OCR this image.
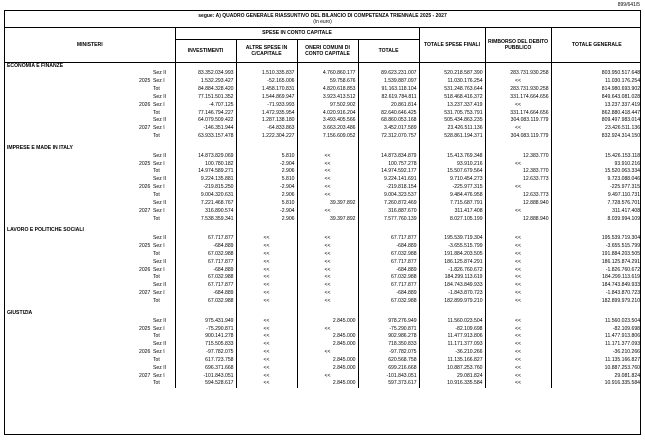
899/641/5
segue: A) QUADRO GENERALE RIASSUNTIVO DEL BILANCIO DI COMPETENZA TRIENNALE 2025 - 2027
(in euro)
MINISTERI			SPESE IN CONTO CAPITALE				TOTALE SPESE FINALI	RIMBORSO DEL DEBITO PUBBLICO	TOTALE GENERALE
			INVESTIMENTI	ALTRE SPESE IN C/CAPITALE	ONERI COMUNI DI CONTO CAPITALE	TOTALE			
ECONOMIA E FINANZE									
		Sez II	83.352.034.993	1.510.335.837	4.760.860.177	89.623.231.007	520.218.587.390	283.731.930.258	803.950.517.648
	2025	Sez I	1.532.293.427	-52.165.006	59.758.676	1.539.887.097	11.030.176.254	<<	11.030.176.254
		Tot	84.884.328.420	1.458.170.831	4.820.618.853	91.163.118.104	531.248.763.644	283.731.930.258	814.980.693.902
		Sez II	77.151.501.352	1.544.869.947	3.923.413.512	82.619.784.811	518.468.416.372	331.174.664.656	849.643.081.028
	2026	Sez I	-4.707.125	-71.933.993	97.502.902	20.861.814	13.237.337.419	<<	13.237.337.419
		Tot	77.146.794.227	1.472.935.954	4.020.916.204	82.640.646.425	531.705.753.791	331.174.664.656	862.880.418.447
		Sez II	64.079.509.422	1.287.138.180	3.493.405.566	68.860.053.168	505.434.863.235	304.083.119.779	809.497.983.014
	2027	Sez I	-146.351.944	-64.833.863	3.663.203.486	3.452.017.589	23.426.511.136	<<	23.426.511.136
		Tot	63.933.157.478	1.222.304.227	7.156.609.052	72.312.070.757	528.861.194.371	304.083.119.779	832.924.314.150

IMPRESE E MADE IN ITALY									
		Sez II	14.873.829.069	5.810	<<	14.873.834.879	15.413.769.348	12.383.770	15.426.153.118
	2025	Sez I	100.780.182	-2.904	<<	100.757.278	93.910.216	<<	93.910.216
		Tot	14.974.589.271	2.906	<<	14.974.592.177	15.507.679.564	12.383.770	15.520.063.334
		Sez II	9.224.135.881	5.810	<<	9.224.141.691	9.710.454.273	12.633.773	9.723.088.046
	2026	Sez I	-219.815.250	-2.904	<<	-219.818.154	-225.977.315	<<	-225.977.315
		Tot	9.004.320.631	2.906	<<	9.004.323.537	9.484.476.958	12.633.773	9.497.110.731
		Sez II	7.221.468.767	5.810	39.397.892	7.260.872.469	7.715.687.791	12.888.940	7.728.576.701
	2027	Sez I	316.890.574	-2.904	<<	316.887.670	311.417.408	<<	311.417.408
		Tot	7.538.359.341	2.906	39.397.892	7.577.760.139	8.027.105.199	12.888.940	8.039.994.109

LAVORO E POLITICHE SOCIALI									
		Sez II	67.717.877	<<	<<	67.717.877	195.539.719.304	<<	195.539.719.304
	2025	Sez I	-684.889	<<	<<	-684.889	-3.655.515.799	<<	-3.655.515.799
		Tot	67.032.988	<<	<<	67.032.988	191.884.203.505	<<	191.884.203.505
		Sez II	67.717.877	<<	<<	67.717.877	186.125.874.291	<<	186.125.874.291
	2026	Sez I	-684.889	<<	<<	-684.889	-1.826.760.672	<<	-1.826.760.672
		Tot	67.032.988	<<	<<	67.032.988	184.299.113.619	<<	184.299.113.619
		Sez II	67.717.877	<<	<<	67.717.877	184.743.849.933	<<	184.743.849.933
	2027	Sez I	-684.889	<<	<<	-684.889	-1.843.870.723	<<	-1.843.870.723
		Tot	67.032.988	<<	<<	67.032.988	182.899.979.210	<<	182.899.979.210

GIUSTIZIA									
		Sez II	975.431.949	<<	2.845.000	978.276.949	11.560.023.504	<<	11.560.023.504
	2025	Sez I	-75.290.871	<<	<<	-75.290.871	-82.109.698	<<	-82.109.698
		Tot	900.141.278	<<	2.845.000	902.986.278	11.477.913.806	<<	11.477.913.806
		Sez II	715.505.833	<<	2.845.000	718.350.833	11.171.377.093	<<	11.171.377.093
	2026	Sez I	-97.782.075	<<	<<	-97.782.075	-36.210.266	<<	-36.210.266
		Tot	617.723.758	<<	2.845.000	620.568.758	11.135.166.827	<<	11.135.166.827
		Sez II	696.371.668	<<	2.845.000	699.216.668	10.887.253.760	<<	10.887.253.760
	2027	Sez I	-101.843.051	<<	<<	-101.843.051	29.081.824	<<	29.081.824
		Tot	594.528.617	<<	2.845.000	597.373.617	10.916.335.584	<<	10.916.335.584
